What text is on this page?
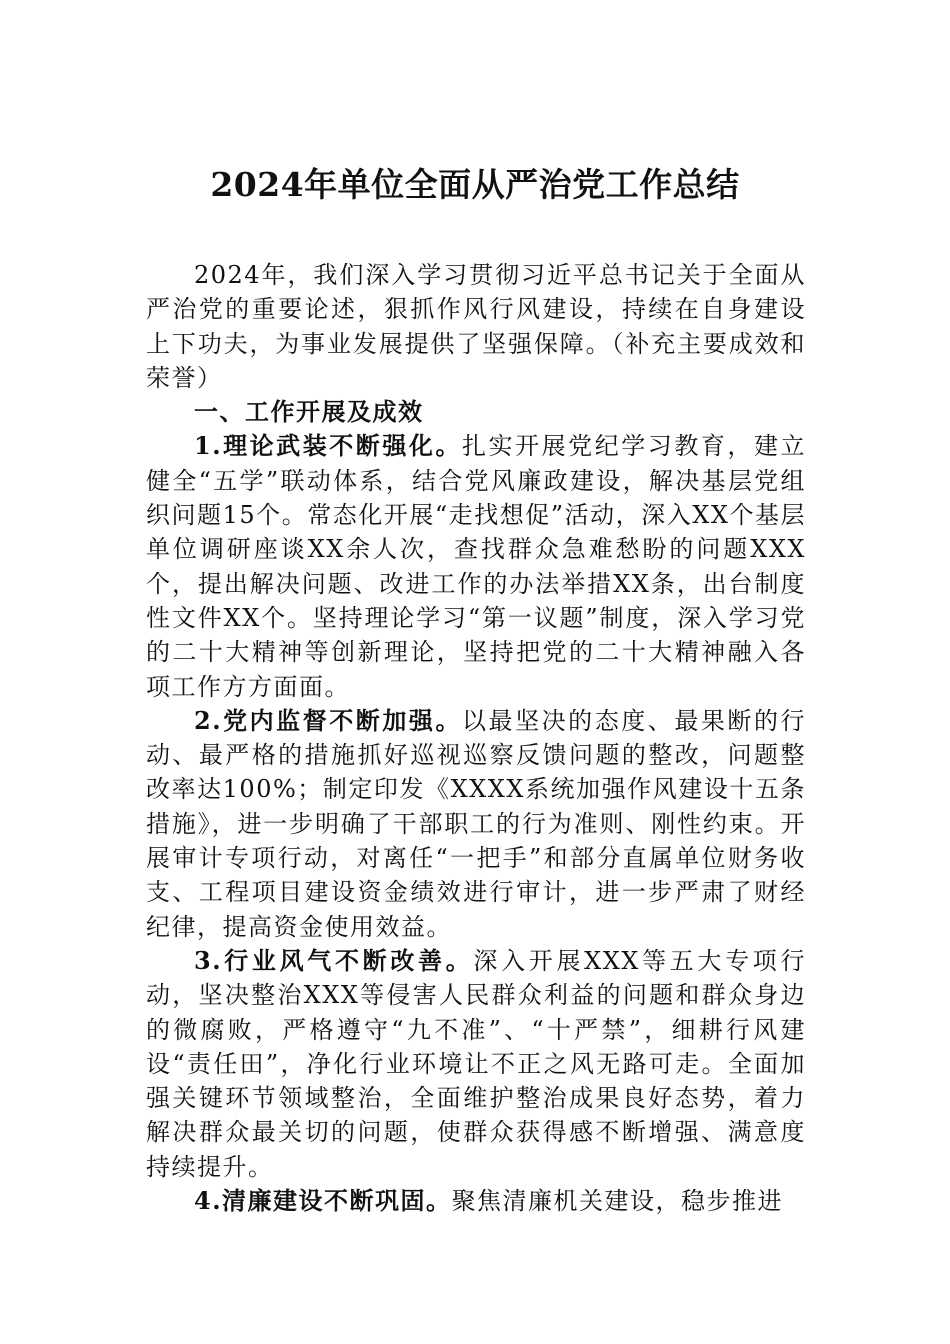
2024年单位全面从严治党工作总结

2024年，我们深入学习贯彻习近平总书记关于全面从严治党的重要论述，狠抓作风行风建设，持续在自身建设上下功夫，为事业发展提供了坚强保障。（补充主要成效和荣誉）

一、工作开展及成效

1.理论武装不断强化。扎实开展党纪学习教育，建立健全“五学”联动体系，结合党风廉政建设，解决基层党组织问题15个。常态化开展“走找想促”活动，深入XX个基层单位调研座谈XX余人次，查找群众急难愁盼的问题XXX个，提出解决问题、改进工作的办法举措XX条，出台制度性文件XX个。坚持理论学习“第一议题”制度，深入学习党的二十大精神等创新理论，坚持把党的二十大精神融入各项工作方方面面。

2.党内监督不断加强。以最坚决的态度、最果断的行动、最严格的措施抓好巡视巡察反馈问题的整改，问题整改率达100%；制定印发《XXXX系统加强作风建设十五条措施》，进一步明确了干部职工的行为准则、刚性约束。开展审计专项行动，对离任“一把手”和部分直属单位财务收支、工程项目建设资金绩效进行审计，进一步严肃了财经纪律，提高资金使用效益。

3.行业风气不断改善。深入开展XXX等五大专项行动，坚决整治XXX等侵害人民群众利益的问题和群众身边的微腐败，严格遵守“九不准”、“十严禁”，细耕行风建设“责任田”，净化行业环境让不正之风无路可走。全面加强关键环节领域整治，全面维护整治成果良好态势，着力解决群众最关切的问题，使群众获得感不断增强、满意度持续提升。

4.清廉建设不断巩固。聚焦清廉机关建设，稳步推进
